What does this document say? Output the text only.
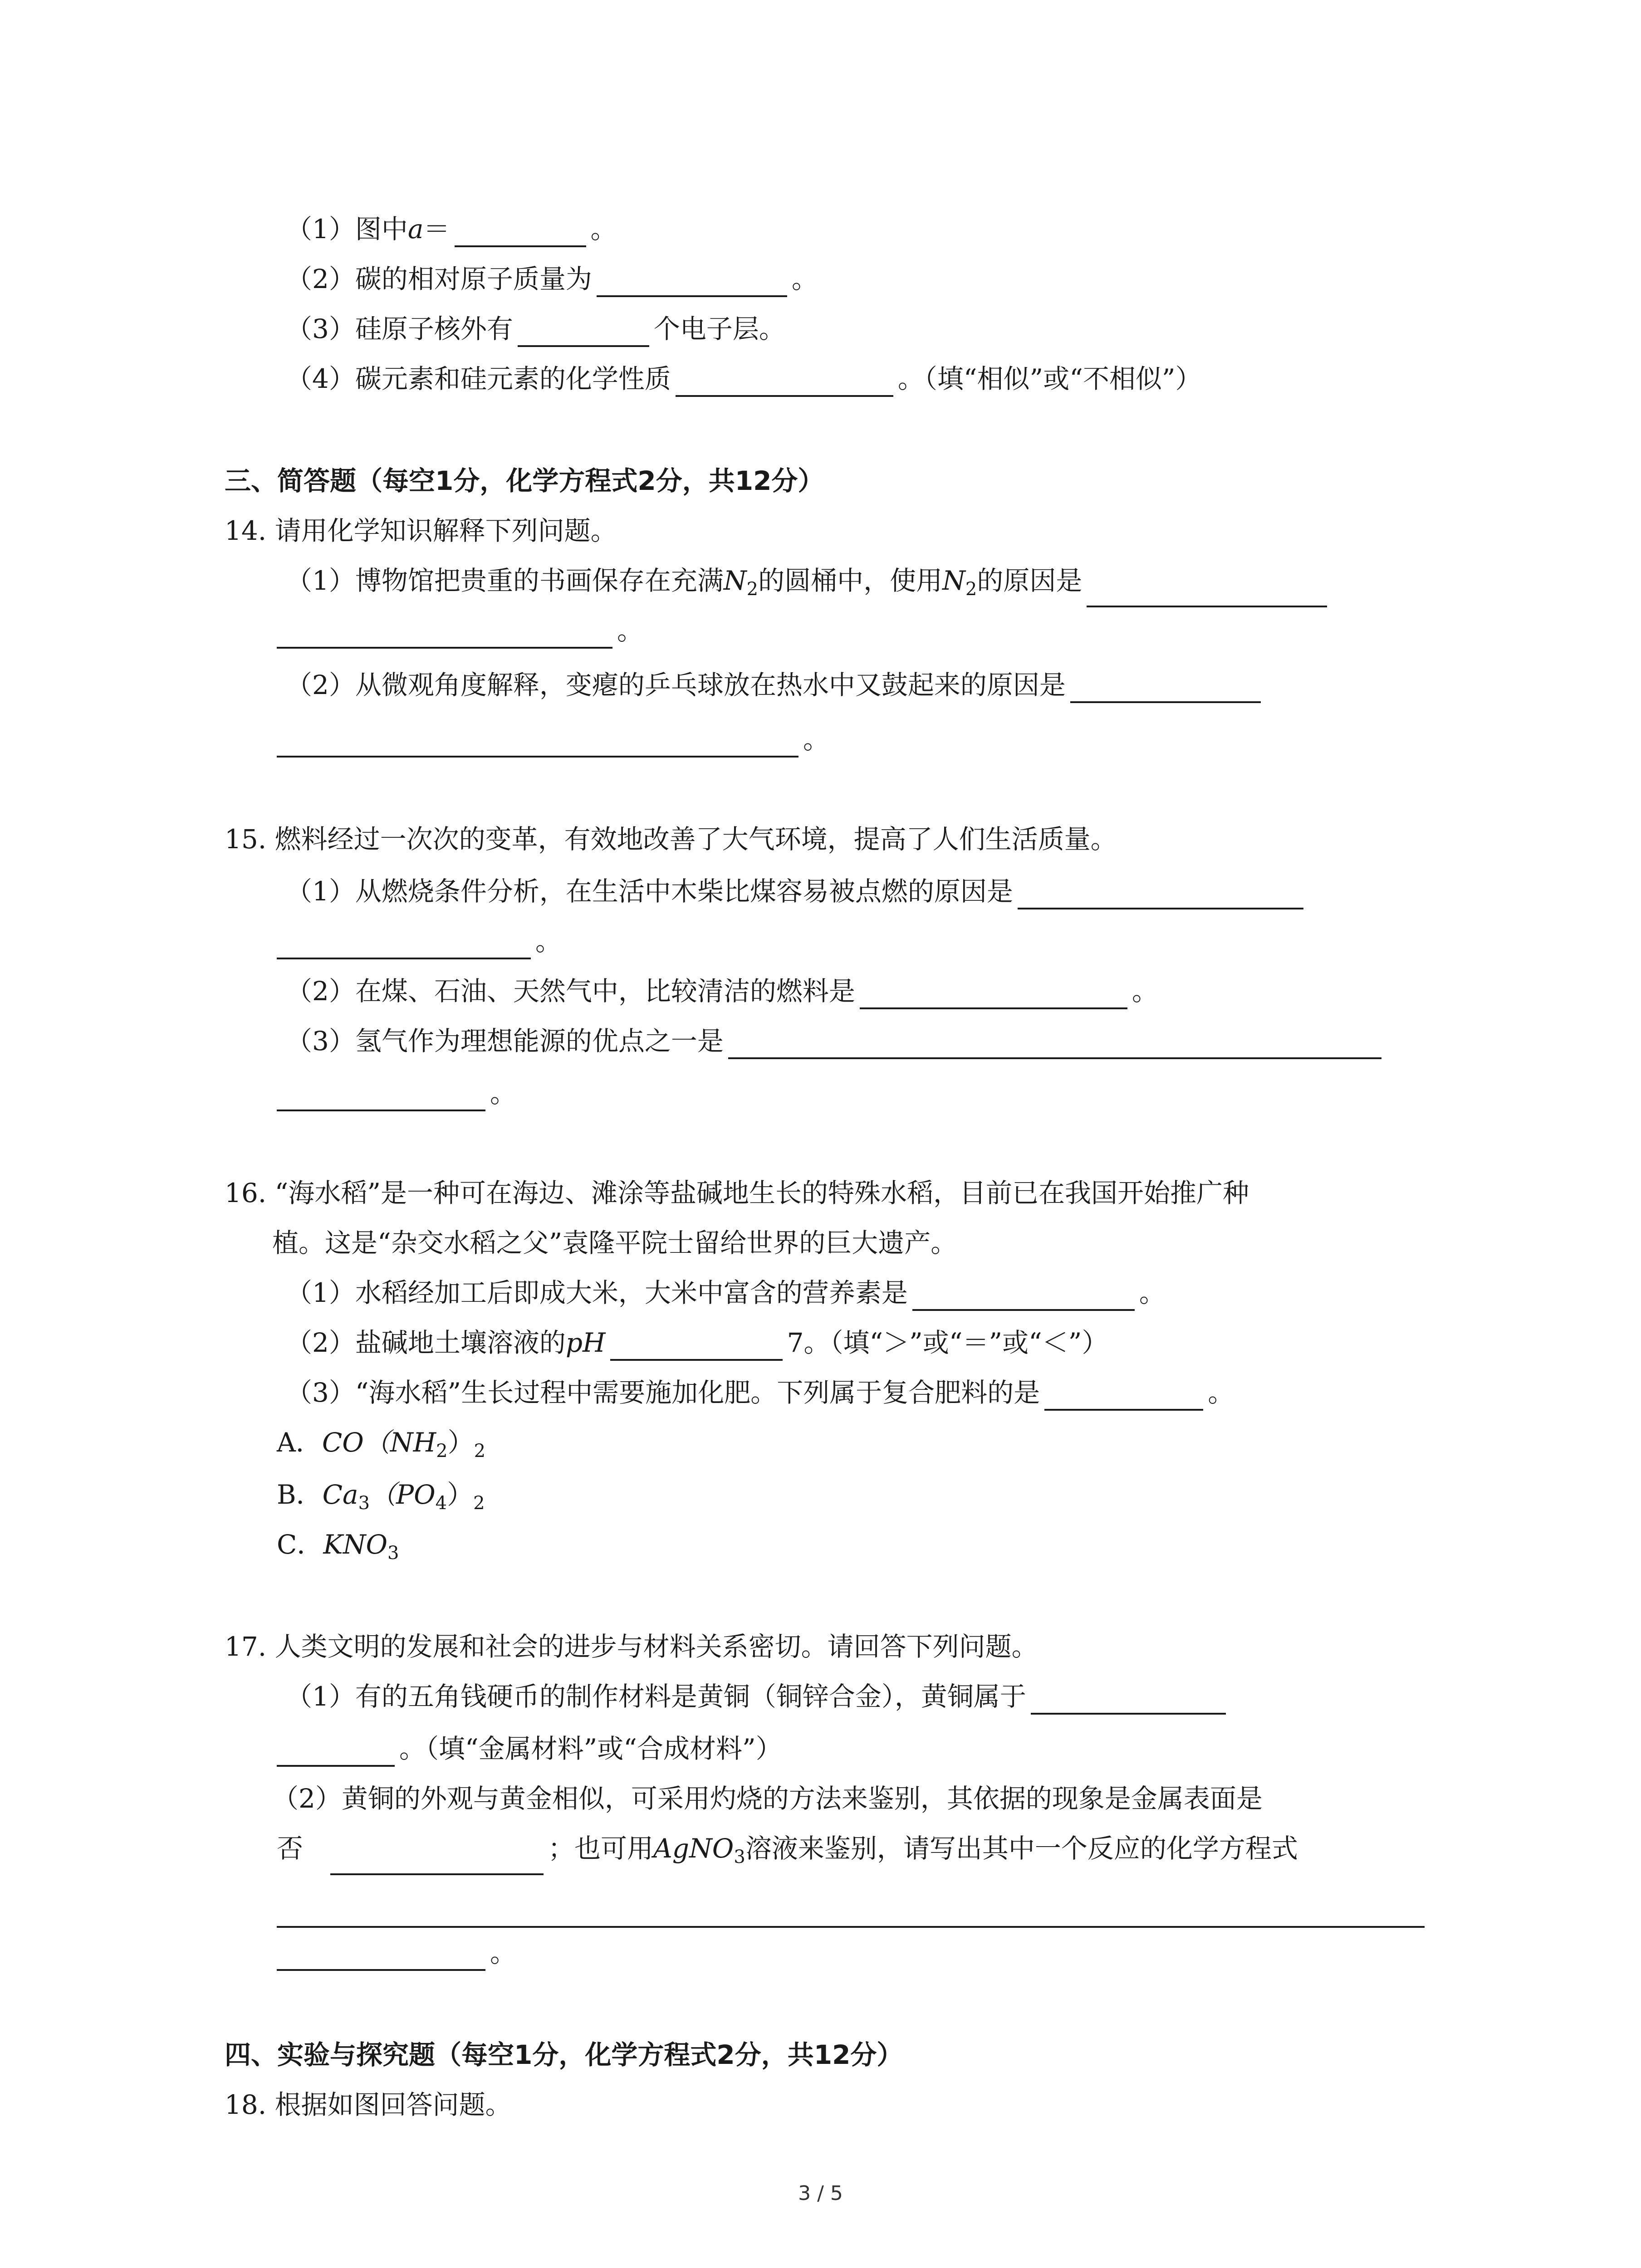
（1）图中a＝	。
（2）碳的相对原子质量为	。
（3）硅原子核外有	个电子层。
（4）碳元素和硅元素的化学性质	。（填“相似”或“不相似”）
三、简答题（每空1分，化学方程式2分，共12分）
14. 请用化学知识解释下列问题。
（1）博物馆把贵重的书画保存在充满$N_2$的圆桶中，使用$N_2$的原因是
。
（2）从微观角度解释，变瘪的乒乓球放在热水中又鼓起来的原因是
。
15. 燃料经过一次次的变革，有效地改善了大气环境，提高了人们生活质量。
（1）从燃烧条件分析，在生活中木柴比煤容易被点燃的原因是
。
（2）在煤、石油、天然气中，比较清洁的燃料是	。
（3）氢气作为理想能源的优点之一是
。
16. “海水稻”是一种可在海边、滩涂等盐碱地生长的特殊水稻，目前已在我国开始推广种
植。这是“杂交水稻之父”袁隆平院士留给世界的巨大遗产。
（1）水稻经加工后即成大米，大米中富含的营养素是	。
（2）盐碱地土壤溶液的pH	7。（填“＞”或“＝”或“＜”）
（3）“海水稻”生长过程中需要施加化肥。下列属于复合肥料的是	。
A．$CO(NH_2)_2$
B．$Ca_3(PO_4)_2$
C．$KNO_3$
17. 人类文明的发展和社会的进步与材料关系密切。请回答下列问题。
（1）有的五角钱硬币的制作材料是黄铜（铜锌合金），黄铜属于
。（填“金属材料”或“合成材料”）
（2）黄铜的外观与黄金相似，可采用灼烧的方法来鉴别，其依据的现象是金属表面是
否	；也可用AgNO$_3$溶液来鉴别，请写出其中一个反应的化学方程式
。
四、实验与探究题（每空1分，化学方程式2分，共12分）
18. 根据如图回答问题。
3 / 5
